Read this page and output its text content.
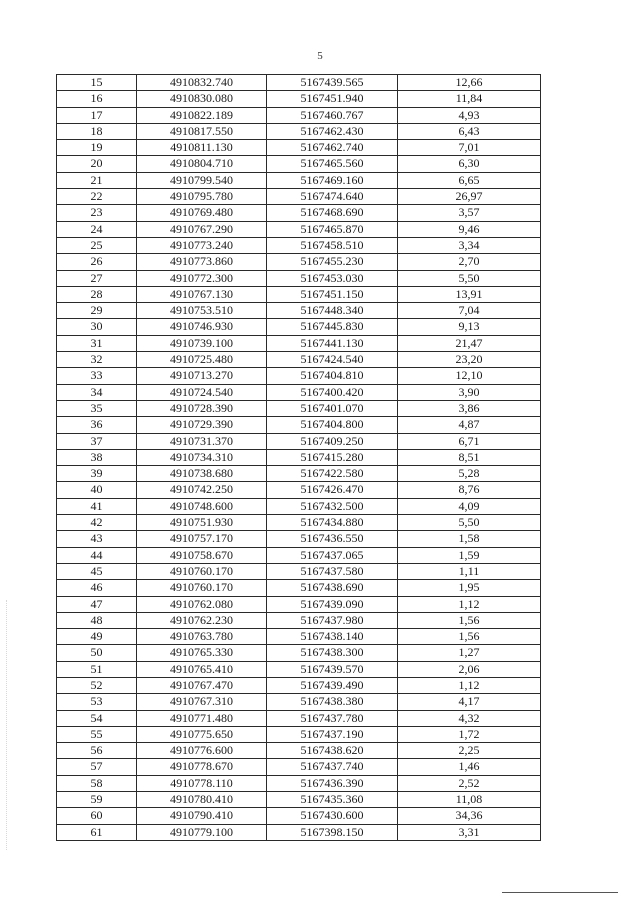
5
15	4910832.740	5167439.565	12,66
16	4910830.080	5167451.940	11,84
17	4910822.189	5167460.767	4,93
18	4910817.550	5167462.430	6,43
19	4910811.130	5167462.740	7,01
20	4910804.710	5167465.560	6,30
21	4910799.540	5167469.160	6,65
22	4910795.780	5167474.640	26,97
23	4910769.480	5167468.690	3,57
24	4910767.290	5167465.870	9,46
25	4910773.240	5167458.510	3,34
26	4910773.860	5167455.230	2,70
27	4910772.300	5167453.030	5,50
28	4910767.130	5167451.150	13,91
29	4910753.510	5167448.340	7,04
30	4910746.930	5167445.830	9,13
31	4910739.100	5167441.130	21,47
32	4910725.480	5167424.540	23,20
33	4910713.270	5167404.810	12,10
34	4910724.540	5167400.420	3,90
35	4910728.390	5167401.070	3,86
36	4910729.390	5167404.800	4,87
37	4910731.370	5167409.250	6,71
38	4910734.310	5167415.280	8,51
39	4910738.680	5167422.580	5,28
40	4910742.250	5167426.470	8,76
41	4910748.600	5167432.500	4,09
42	4910751.930	5167434.880	5,50
43	4910757.170	5167436.550	1,58
44	4910758.670	5167437.065	1,59
45	4910760.170	5167437.580	1,11
46	4910760.170	5167438.690	1,95
47	4910762.080	5167439.090	1,12
48	4910762.230	5167437.980	1,56
49	4910763.780	5167438.140	1,56
50	4910765.330	5167438.300	1,27
51	4910765.410	5167439.570	2,06
52	4910767.470	5167439.490	1,12
53	4910767.310	5167438.380	4,17
54	4910771.480	5167437.780	4,32
55	4910775.650	5167437.190	1,72
56	4910776.600	5167438.620	2,25
57	4910778.670	5167437.740	1,46
58	4910778.110	5167436.390	2,52
59	4910780.410	5167435.360	11,08
60	4910790.410	5167430.600	34,36
61	4910779.100	5167398.150	3,31
